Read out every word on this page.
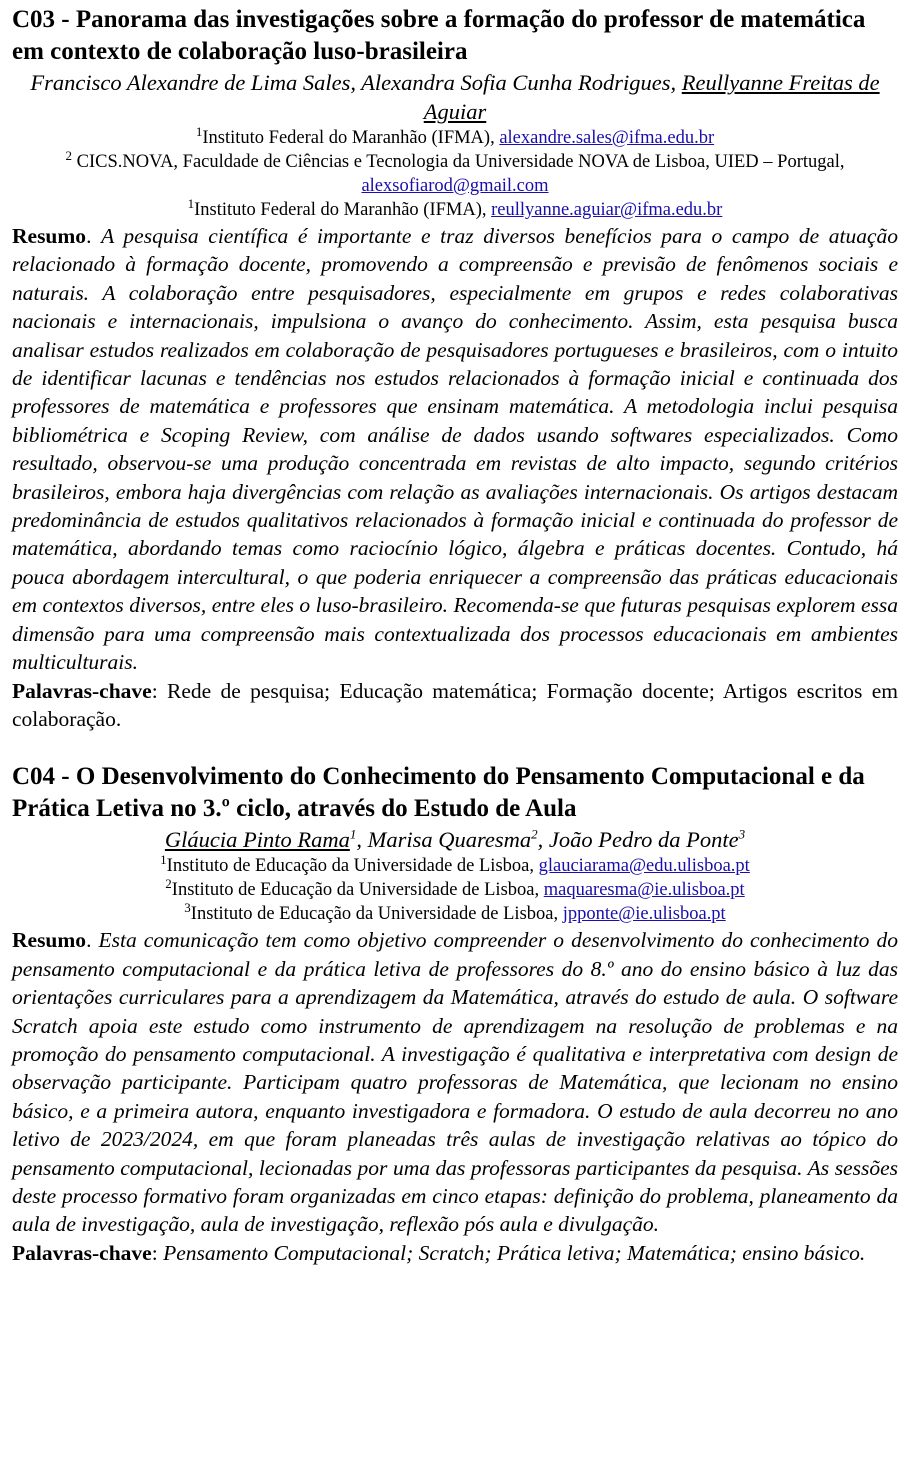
C03 - Panorama das investigações sobre a formação do professor de matemática em contexto de colaboração luso-brasileira

Francisco Alexandre de Lima Sales, Alexandra Sofia Cunha Rodrigues, Reullyanne Freitas de Aguiar

$^1$Instituto Federal do Maranhão (IFMA), alexandre.sales@ifma.edu.br

$^2$ CICS.NOVA, Faculdade de Ciências e Tecnologia da Universidade NOVA de Lisboa, UIED – Portugal, alexsofiarod@gmail.com

$^1$Instituto Federal do Maranhão (IFMA), reullyanne.aguiar@ifma.edu.br

Resumo. A pesquisa científica é importante e traz diversos benefícios para o campo de atuação relacionado à formação docente, promovendo a compreensão e previsão de fenômenos sociais e naturais. A colaboração entre pesquisadores, especialmente em grupos e redes colaborativas nacionais e internacionais, impulsiona o avanço do conhecimento. Assim, esta pesquisa busca analisar estudos realizados em colaboração de pesquisadores portugueses e brasileiros, com o intuito de identificar lacunas e tendências nos estudos relacionados à formação inicial e continuada dos professores de matemática e professores que ensinam matemática. A metodologia inclui pesquisa bibliométrica e Scoping Review, com análise de dados usando softwares especializados. Como resultado, observou-se uma produção concentrada em revistas de alto impacto, segundo critérios brasileiros, embora haja divergências com relação as avaliações internacionais. Os artigos destacam predominância de estudos qualitativos relacionados à formação inicial e continuada do professor de matemática, abordando temas como raciocínio lógico, álgebra e práticas docentes. Contudo, há pouca abordagem intercultural, o que poderia enriquecer a compreensão das práticas educacionais em contextos diversos, entre eles o luso-brasileiro. Recomenda-se que futuras pesquisas explorem essa dimensão para uma compreensão mais contextualizada dos processos educacionais em ambientes multiculturais.

Palavras-chave: Rede de pesquisa; Educação matemática; Formação docente; Artigos escritos em colaboração.

C04 - O Desenvolvimento do Conhecimento do Pensamento Computacional e da Prática Letiva no 3.º ciclo, através do Estudo de Aula

Gláucia Pinto Rama$^1$, Marisa Quaresma$^2$, João Pedro da Ponte$^3$

$^1$Instituto de Educação da Universidade de Lisboa, glauciarama@edu.ulisboa.pt

$^2$Instituto de Educação da Universidade de Lisboa, maquaresma@ie.ulisboa.pt

$^3$Instituto de Educação da Universidade de Lisboa, jpponte@ie.ulisboa.pt

Resumo. Esta comunicação tem como objetivo compreender o desenvolvimento do conhecimento do pensamento computacional e da prática letiva de professores do 8.º ano do ensino básico à luz das orientações curriculares para a aprendizagem da Matemática, através do estudo de aula. O software Scratch apoia este estudo como instrumento de aprendizagem na resolução de problemas e na promoção do pensamento computacional. A investigação é qualitativa e interpretativa com design de observação participante. Participam quatro professoras de Matemática, que lecionam no ensino básico, e a primeira autora, enquanto investigadora e formadora. O estudo de aula decorreu no ano letivo de 2023/2024, em que foram planeadas três aulas de investigação relativas ao tópico do pensamento computacional, lecionadas por uma das professoras participantes da pesquisa. As sessões deste processo formativo foram organizadas em cinco etapas: definição do problema, planeamento da aula de investigação, aula de investigação, reflexão pós aula e divulgação.

Palavras-chave: Pensamento Computacional; Scratch; Prática letiva; Matemática; ensino básico.
